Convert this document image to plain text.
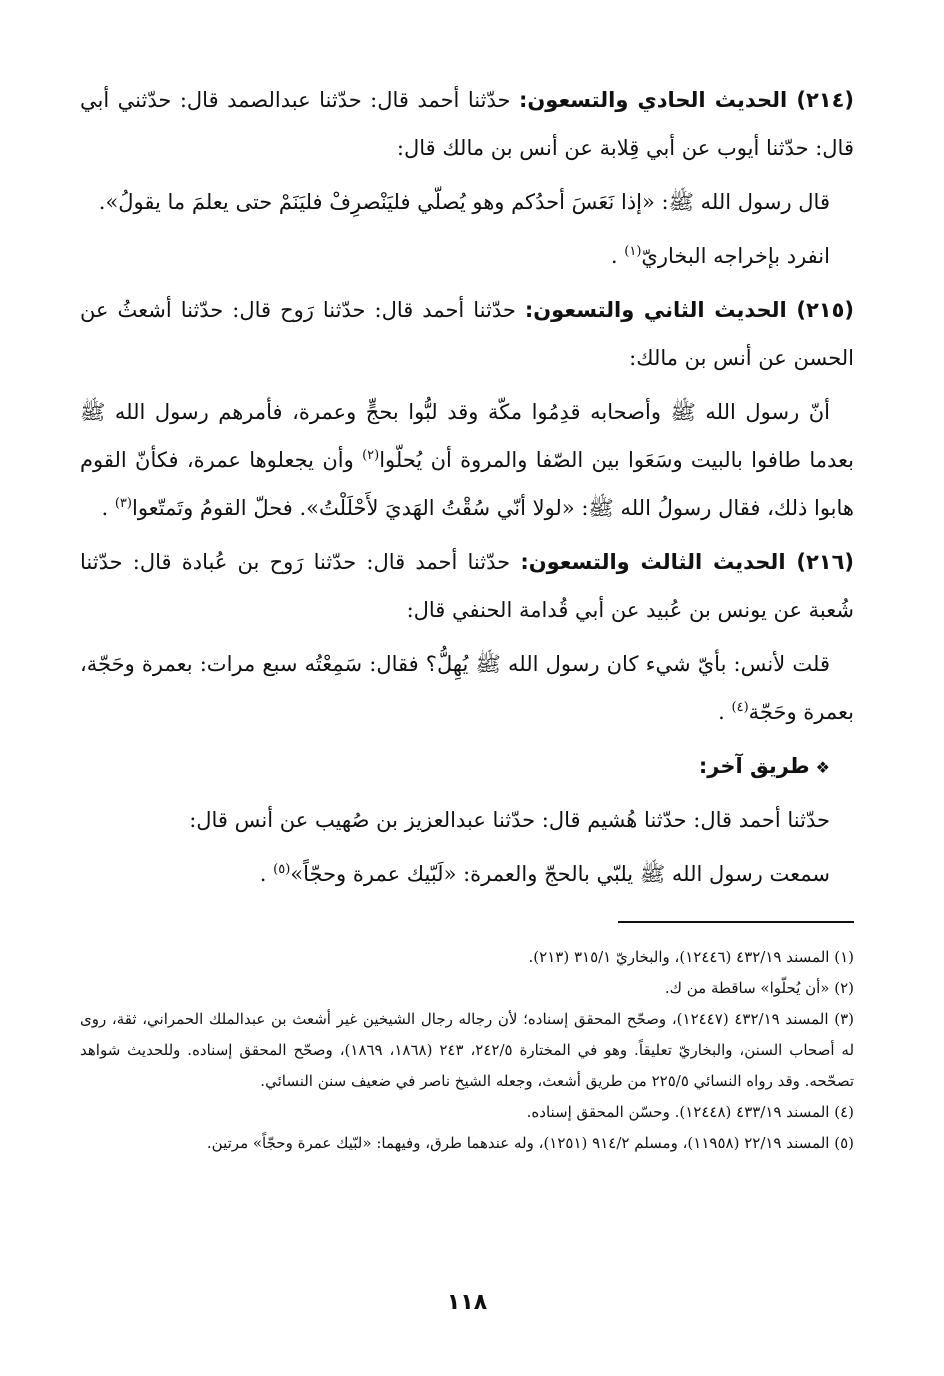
(٢١٤) الحديث الحادي والتسعون: حدّثنا أحمد قال: حدّثنا عبدالصمد قال: حدّثني أبي قال: حدّثنا أيوب عن أبي قِلابة عن أنس بن مالك قال:

قال رسول الله ﷺ: «إذا نَعَسَ أحدُكم وهو يُصلّي فليَنْصرِفْ فليَنَمْ حتى يعلمَ ما يقولُ».

انفرد بإخراجه البخاريّ$^{(١)}$ .

(٢١٥) الحديث الثاني والتسعون: حدّثنا أحمد قال: حدّثنا رَوح قال: حدّثنا أشعثُ عن الحسن عن أنس بن مالك:

أنّ رسول الله ﷺ وأصحابه قدِمُوا مكّة وقد لبُّوا بحجٍّ وعمرة، فأمرهم رسول الله ﷺ بعدما طافوا بالبيت وسَعَوا بين الصّفا والمروة أن يُحلّوا$^{(٢)}$ وأن يجعلوها عمرة، فكأنّ القوم هابوا ذلك، فقال رسولُ الله ﷺ: «لولا أنّي سُقْتُ الهَديَ لأَحْلَلْتُ». فحلّ القومُ وتَمتّعوا$^{(٣)}$ .

(٢١٦) الحديث الثالث والتسعون: حدّثنا أحمد قال: حدّثنا رَوح بن عُبادة قال: حدّثنا شُعبة عن يونس بن عُبيد عن أبي قُدامة الحنفي قال:

قلت لأنس: بأيّ شيء كان رسول الله ﷺ يُهِلُّ؟ فقال: سَمِعْتُه سبع مرات: بعمرة وحَجّة، بعمرة وحَجّة$^{(٤)}$ .

❖طريق آخر:

حدّثنا أحمد قال: حدّثنا هُشيم قال: حدّثنا عبدالعزيز بن صُهيب عن أنس قال:

سمعت رسول الله ﷺ يلبّي بالحجّ والعمرة: «لَبّيك عمرة وحجّاً»$^{(٥)}$ .

(١) المسند ٤٣٢/١٩ (١٢٤٤٦)، والبخاريّ ٣١٥/١ (٢١٣).

(٢) «أن يُحلّوا» ساقطة من ك.

(٣) المسند ٤٣٢/١٩ (١٢٤٤٧)، وصحّح المحقق إسناده؛ لأن رجاله رجال الشيخين غير أشعث بن عبدالملك الحمراني، ثقة، روى له أصحاب السنن، والبخاريّ تعليقاً. وهو في المختارة ٢٤٢/٥، ٢٤٣ (١٨٦٨، ١٨٦٩)، وصحّح المحقق إسناده. وللحديث شواهد تصحّحه. وقد رواه النسائي ٢٢٥/٥ من طريق أشعث، وجعله الشيخ ناصر في ضعيف سنن النسائي.

(٤) المسند ٤٣٣/١٩ (١٢٤٤٨). وحسّن المحقق إسناده.

(٥) المسند ٢٢/١٩ (١١٩٥٨)، ومسلم ٩١٤/٢ (١٢٥١)، وله عندهما طرق، وفيهما: «لبّيك عمرة وحجّاً» مرتين.

١١٨
